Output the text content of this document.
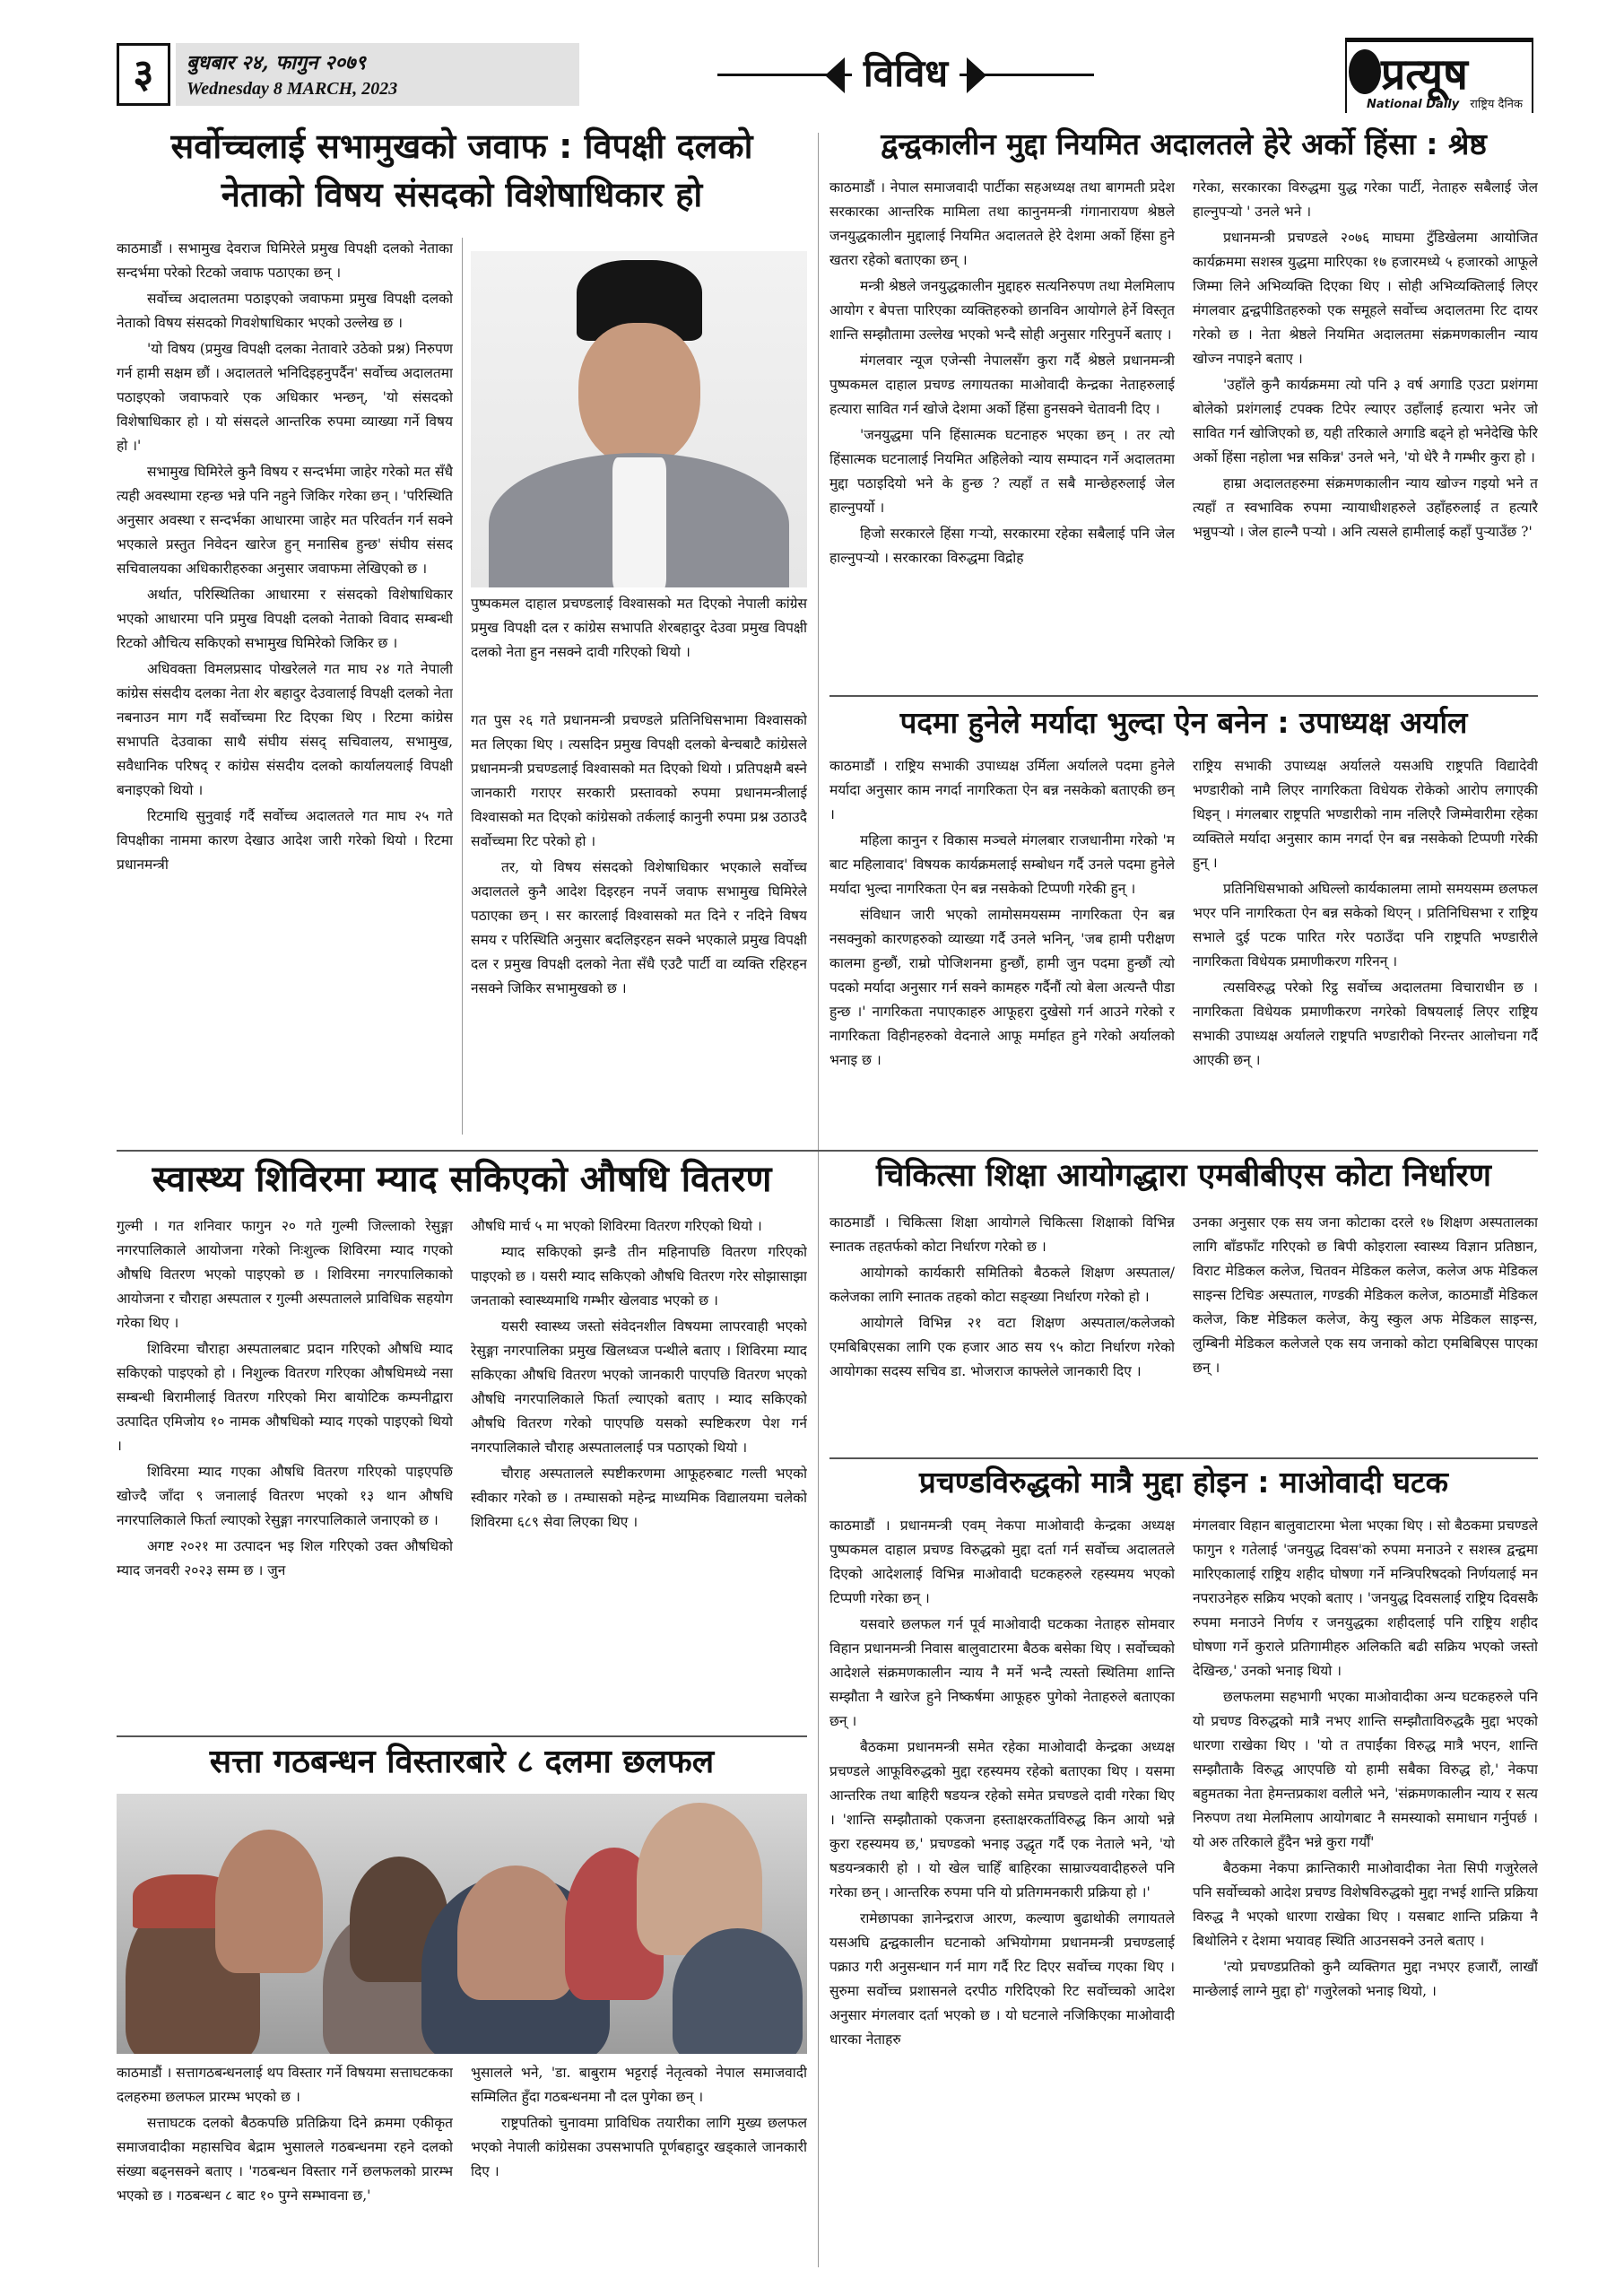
३	बुधबार २४, फागुन २०७९
Wednesday 8 MARCH, 2023	विविध	प्रत्यूष
National Daily राष्ट्रिय दैनिक
सर्वोच्चलाई सभामुखको जवाफ : विपक्षी दलको
नेताको विषय संसदको विशेषाधिकार हो

काठमाडौं । सभामुख देवराज घिमिरेले प्रमुख विपक्षी दलको नेताका सन्दर्भमा परेको रिटको जवाफ पठाएका छन् ।

सर्वोच्च अदालतमा पठाइएको जवाफमा प्रमुख विपक्षी दलको नेताको विषय संसदको गिवशेषाधिकार भएको उल्लेख छ ।

'यो विषय (प्रमुख विपक्षी दलका नेतावारे उठेको प्रश्न) निरुपण गर्न हामी सक्षम छौं । अदालतले भनिदिइहनुपर्दैन' सर्वोच्च अदालतमा पठाइएको जवाफवारे एक अधिकार भन्छन्, 'यो संसदको विशेषाधिकार हो । यो संसदले आन्तरिक रुपमा व्याख्या गर्ने विषय हो ।'

सभामुख घिमिरेले कुनै विषय र सन्दर्भमा जाहेर गरेको मत सँधै त्यही अवस्थामा रहन्छ भन्ने पनि नहुने जिकिर गरेका छन् । 'परिस्थिति अनुसार अवस्था र सन्दर्भका आधारमा जाहेर मत परिवर्तन गर्न सक्ने भएकाले प्रस्तुत निवेदन खारेज हुन् मनासिब हुन्छ' संघीय संसद सचिवालयका अधिकारीहरुका अनुसार जवाफमा लेखिएको छ ।

अर्थात, परिस्थितिका आधारमा र संसदको विशेषाधिकार भएको आधारमा पनि प्रमुख विपक्षी दलको नेताको विवाद सम्बन्धी रिटको औचित्य सकिएको सभामुख घिमिरेको जिकिर छ ।

अधिवक्ता विमलप्रसाद पोखरेलले गत माघ २४ गते नेपाली कांग्रेस संसदीय दलका नेता शेर बहादुर देउवालाई विपक्षी दलको नेता नबनाउन माग गर्दै सर्वोच्चमा रिट दिएका थिए । रिटमा कांग्रेस सभापति देउवाका साथै संघीय संसद् सचिवालय, सभामुख, सवैधानिक परिषद् र कांग्रेस संसदीय दलको कार्यालयलाई विपक्षी बनाइएको थियो ।

रिटमाथि सुनुवाई गर्दै सर्वोच्च अदालतले गत माघ २५ गते विपक्षीका नाममा कारण देखाउ आदेश जारी गरेको थियो । रिटमा प्रधानमन्त्री

पुष्पकमल दाहाल प्रचण्डलाई विश्वासको मत दिएको नेपाली कांग्रेस प्रमुख विपक्षी दल र कांग्रेस सभापति शेरबहादुर देउवा प्रमुख विपक्षी दलको नेता हुन नसक्ने दावी गरिएको थियो ।

गत पुस २६ गते प्रधानमन्त्री प्रचण्डले प्रतिनिधिसभामा विश्वासको मत लिएका थिए । त्यसदिन प्रमुख विपक्षी दलको बेन्चबाटै कांग्रेसले प्रधानमन्त्री प्रचण्डलाई विश्वासको मत दिएको थियो । प्रतिपक्षमै बस्ने जानकारी गराएर सरकारी प्रस्तावको रुपमा प्रधानमन्त्रीलाई विश्वासको मत दिएको कांग्रेसको तर्कलाई कानुनी रुपमा प्रश्न उठाउदै सर्वोच्चमा रिट परेको हो ।

तर, यो विषय संसदको विशेषाधिकार भएकाले सर्वोच्च अदालतले कुनै आदेश दिइरहन नपर्ने जवाफ सभामुख घिमिरेले पठाएका छन् । सर कारलाई विश्वासको मत दिने र नदिने विषय समय र परिस्थिति अनुसार बदलिइरहन सक्ने भएकाले प्रमुख विपक्षी दल र प्रमुख विपक्षी दलको नेता सँधै एउटै पार्टी वा व्यक्ति रहिरहन नसक्ने जिकिर सभामुखको छ ।

द्वन्द्वकालीन मुद्दा नियमित अदालतले हेरे अर्को हिंसा : श्रेष्ठ

काठमाडौं । नेपाल समाजवादी पार्टीका सहअध्यक्ष तथा बागमती प्रदेश सरकारका आन्तरिक मामिला तथा कानुनमन्त्री गंगानारायण श्रेष्ठले जनयुद्धकालीन मुद्दालाई नियमित अदालतले हेरे देशमा अर्को हिंसा हुने खतरा रहेको बताएका छन् ।

मन्त्री श्रेष्ठले जनयुद्धकालीन मुद्दाहरु सत्यनिरुपण तथा मेलमिलाप आयोग र बेपत्ता पारिएका व्यक्तिहरुको छानविन आयोगले हेर्ने विस्तृत शान्ति सम्झौतामा उल्लेख भएको भन्दै सोही अनुसार गरिनुपर्ने बताए ।

मंगलवार न्यूज एजेन्सी नेपालसँग कुरा गर्दै श्रेष्ठले प्रधानमन्त्री पुष्पकमल दाहाल प्रचण्ड लगायतका माओवादी केन्द्रका नेताहरुलाई हत्यारा सावित गर्न खोजे देशमा अर्को हिंसा हुनसक्ने चेतावनी दिए ।

'जनयुद्धमा पनि हिंसात्मक घटनाहरु भएका छन् । तर त्यो हिंसात्मक घटनालाई नियमित अहिलेको न्याय सम्पादन गर्ने अदालतमा मुद्दा पठाइदियो भने के हुन्छ ? त्यहाँ त सबै मान्छेहरुलाई जेल हाल्नुपर्यो ।

हिजो सरकारले हिंसा गर्‍यो, सरकारमा रहेका सबैलाई पनि जेल हाल्नुपर्‍यो । सरकारका विरुद्धमा विद्रोह

गरेका, सरकारका विरुद्धमा युद्ध गरेका पार्टी, नेताहरु सबैलाई जेल हाल्नुपर्‍यो ' उनले भने ।

प्रधानमन्त्री प्रचण्डले २०७६ माघमा टुँडिखेलमा आयोजित कार्यक्रममा सशस्त्र युद्धमा मारिएका १७ हजारमध्ये ५ हजारको आफूले जिम्मा लिने अभिव्यक्ति दिएका थिए । सोही अभिव्यक्तिलाई लिएर मंगलवार द्वन्द्वपीडितहरुको एक समूहले सर्वोच्च अदालतमा रिट दायर गरेको छ । नेता श्रेष्ठले नियमित अदालतमा संक्रमणकालीन न्याय खोज्न नपाइने बताए ।

'उहाँले कुनै कार्यक्रममा त्यो पनि ३ वर्ष अगाडि एउटा प्रशंगमा बोलेको प्रशंगलाई टपक्क टिपेर ल्याएर उहाँलाई हत्यारा भनेर जो सावित गर्न खोजिएको छ, यही तरिकाले अगाडि बढ्ने हो भनेदेखि फेरि अर्को हिंसा नहोला भन्न सकिन्न' उनले भने, 'यो धेरै नै गम्भीर कुरा हो ।

हाम्रा अदालतहरुमा संक्रमणकालीन न्याय खोज्न गइयो भने त त्यहाँ त स्वभाविक रुपमा न्यायाधीशहरुले उहाँहरुलाई त हत्यारै भन्नुपर्‍यो । जेल हाल्नै पर्‍यो । अनि त्यसले हामीलाई कहाँ पुर्‍याउँछ ?'

पदमा हुनेले मर्यादा भुल्दा ऐन बनेन : उपाध्यक्ष अर्याल

काठमाडौं । राष्ट्रिय सभाकी उपाध्यक्ष उर्मिला अर्यालले पदमा हुनेले मर्यादा अनुसार काम नगर्दा नागरिकता ऐन बन्न नसकेको बताएकी छन् ।

महिला कानुन र विकास मञ्चले मंगलबार राजधानीमा गरेको 'म बाट महिलावाद' विषयक कार्यक्रमलाई सम्बोधन गर्दै उनले पदमा हुनेले मर्यादा भुल्दा नागरिकता ऐन बन्न नसकेको टिप्पणी गरेकी हुन् ।

संविधान जारी भएको लामोसमयसम्म नागरिकता ऐन बन्न नसक्नुको कारणहरुको व्याख्या गर्दै उनले भनिन्, 'जब हामी परीक्षण कालमा हुन्छौं, राम्रो पोजिशनमा हुन्छौं, हामी जुन पदमा हुन्छौं त्यो पदको मर्यादा अनुसार गर्न सक्ने कामहरु गर्दैनौं त्यो बेला अत्यन्तै पीडा हुन्छ ।' नागरिकता नपाएकाहरु आफूहरा दुखेसो गर्न आउने गरेको र नागरिकता विहीनहरुको वेदनाले आफू मर्माहत हुने गरेको अर्यालको भनाइ छ ।

राष्ट्रिय सभाकी उपाध्यक्ष अर्यालले यसअघि राष्ट्रपति विद्यादेवी भण्डारीको नामै लिएर नागरिकता विधेयक रोकेको आरोप लगाएकी थिइन् । मंगलबार राष्ट्रपति भण्डारीको नाम नलिएरै जिम्मेवारीमा रहेका व्यक्तिले मर्यादा अनुसार काम नगर्दा ऐन बन्न नसकेको टिप्पणी गरेकी हुन् ।

प्रतिनिधिसभाको अघिल्लो कार्यकालमा लामो समयसम्म छलफल भएर पनि नागरिकता ऐन बन्न सकेको थिएन् । प्रतिनिधिसभा र राष्ट्रिय सभाले दुई पटक पारित गरेर पठाउँदा पनि राष्ट्रपति भण्डारीले नागरिकता विधेयक प्रमाणीकरण गरिनन् ।

त्यसविरुद्ध परेको रिट्ठ सर्वोच्च अदालतमा विचाराधीन छ । नागरिकता विधेयक प्रमाणीकरण नगरेको विषयलाई लिएर राष्ट्रिय सभाकी उपाध्यक्ष अर्यालले राष्ट्रपति भण्डारीको निरन्तर आलोचना गर्दै आएकी छन् ।

स्वास्थ्य शिविरमा म्याद सकिएको औषधि वितरण

गुल्मी । गत शनिवार फागुन २० गते गुल्मी जिल्लाको रेसुङ्गा नगरपालिकाले आयोजना गरेको निःशुल्क शिविरमा म्याद गएको औषधि वितरण भएको पाइएको छ । शिविरमा नगरपालिकाको आयोजना र चौराहा अस्पताल र गुल्मी अस्पतालले प्राविधिक सहयोग गरेका थिए ।

शिविरमा चौराहा अस्पतालबाट प्रदान गरिएको औषधि म्याद सकिएको पाइएको हो । निशुल्क वितरण गरिएका औषधिमध्ये नसा सम्बन्धी बिरामीलाई वितरण गरिएको मिरा बायोटिक कम्पनीद्वारा उत्पादित एमिजोय १० नामक औषधिको म्याद गएको पाइएको थियो ।

शिविरमा म्याद गएका औषधि वितरण गरिएको पाइएपछि खोज्दै जाँदा ९ जनालाई वितरण भएको १३ थान औषधि नगरपालिकाले फिर्ता ल्याएको रेसुङ्गा नगरपालिकाले जनाएको छ ।

अगष्ट २०२१ मा उत्पादन भइ शिल गरिएको उक्त औषधिको म्याद जनवरी २०२३ सम्म छ । जुन

औषधि मार्च ५ मा भएको शिविरमा वितरण गरिएको थियो ।

म्याद सकिएको झन्डै तीन महिनापछि वितरण गरिएको पाइएको छ । यसरी म्याद सकिएको औषधि वितरण गरेर सोझासाझा जनताको स्वास्थ्यमाथि गम्भीर खेलवाड भएको छ ।

यसरी स्वास्थ्य जस्तो संवेदनशील विषयमा लापरवाही भएको रेसुङ्गा नगरपालिका प्रमुख खिलध्वज पन्थीले बताए । शिविरमा म्याद सकिएका औषधि वितरण भएको जानकारी पाएपछि वितरण भएको औषधि नगरपालिकाले फिर्ता ल्याएको बताए । म्याद सकिएको औषधि वितरण गरेको पाएपछि यसको स्पष्टिकरण पेश गर्न नगरपालिकाले चौराह अस्पताललाई पत्र पठाएको थियो ।

चौराह अस्पतालले स्पष्टीकरणमा आफूहरुबाट गल्ती भएको स्वीकार गरेको छ । तम्घासको महेन्द्र माध्यमिक विद्यालयमा चलेको शिविरमा ६८९ सेवा लिएका थिए ।

चिकित्सा शिक्षा आयोगद्धारा एमबीबीएस कोटा निर्धारण

काठमाडौं । चिकित्सा शिक्षा आयोगले चिकित्सा शिक्षाको विभिन्न स्नातक तहतर्फको कोटा निर्धारण गरेको छ ।

आयोगको कार्यकारी समितिको बैठकले शिक्षण अस्पताल/कलेजका लागि स्नातक तहको कोटा सङ्ख्या निर्धारण गरेको हो ।

आयोगले विभिन्न २१ वटा शिक्षण अस्पताल/कलेजको एमबिबिएसका लागि एक हजार आठ सय ९५ कोटा निर्धारण गरेको आयोगका सदस्य सचिव डा. भोजराज काफ्लेले जानकारी दिए ।

उनका अनुसार एक सय जना कोटाका दरले १७ शिक्षण अस्पतालका लागि बाँडफाँट गरिएको छ बिपी कोइराला स्वास्थ्य विज्ञान प्रतिष्ठान, विराट मेडिकल कलेज, चितवन मेडिकल कलेज, कलेज अफ मेडिकल साइन्स टिचिङ अस्पताल, गण्डकी मेडिकल कलेज, काठमाडौं मेडिकल कलेज, किष्ट मेडिकल कलेज, केयु स्कुल अफ मेडिकल साइन्स, लुम्बिनी मेडिकल कलेजले एक सय जनाको कोटा एमबिबिएस पाएका छन् ।

प्रचण्डविरुद्धको मात्रै मुद्दा होइन : माओवादी घटक

काठमाडौं । प्रधानमन्त्री एवम् नेकपा माओवादी केन्द्रका अध्यक्ष पुष्पकमल दाहाल प्रचण्ड विरुद्धको मुद्दा दर्ता गर्न सर्वोच्च अदालतले दिएको आदेशलाई विभिन्न माओवादी घटकहरुले रहस्यमय भएको टिप्पणी गरेका छन् ।

यसवारे छलफल गर्न पूर्व माओवादी घटकका नेताहरु सोमवार विहान प्रधानमन्त्री निवास बालुवाटारमा बैठक बसेका थिए । सर्वोच्चको आदेशले संक्रमणकालीन न्याय नै मर्ने भन्दै त्यस्तो स्थितिमा शान्ति सम्झौता नै खारेज हुने निष्कर्षमा आफूहरु पुगेको नेताहरुले बताएका छन् ।

बैठकमा प्रधानमन्त्री समेत रहेका माओवादी केन्द्रका अध्यक्ष प्रचण्डले आफूविरुद्धको मुद्दा रहस्यमय रहेको बताएका थिए । यसमा आन्तरिक तथा बाहिरी षडयन्त्र रहेको समेत प्रचण्डले दावी गरेका थिए । 'शान्ति सम्झौताको एकजना हस्ताक्षरकर्ताविरुद्ध किन आयो भन्ने कुरा रहस्यमय छ,' प्रचण्डको भनाइ उद्धृत गर्दै एक नेताले भने, 'यो षडयन्त्रकारी हो । यो खेल चाहिँ बाहिरका साम्राज्यवादीहरुले पनि गरेका छन् । आन्तरिक रुपमा पनि यो प्रतिगमनकारी प्रक्रिया हो ।'

रामेछापका ज्ञानेन्द्रराज आरण, कल्याण बुढाथोकी लगायतले यसअघि द्वन्द्वकालीन घटनाको अभियोगमा प्रधानमन्त्री प्रचण्डलाई पक्राउ गरी अनुसन्धान गर्न माग गर्दै रिट दिएर सर्वोच्च गएका थिए । सुरुमा सर्वोच्च प्रशासनले दरपीठ गरिदिएको रिट सर्वोच्चको आदेश अनुसार मंगलवार दर्ता भएको छ । यो घटनाले नजिकिएका माओवादी धारका नेताहरु

मंगलवार विहान बालुवाटारमा भेला भएका थिए । सो बैठकमा प्रचण्डले फागुन १ गतेलाई 'जनयुद्ध दिवस'को रुपमा मनाउने र सशस्त्र द्वन्द्वमा मारिएकालाई राष्ट्रिय शहीद घोषणा गर्ने मन्त्रिपरिषदको निर्णयलाई मन नपराउनेहरु सक्रिय भएको बताए । 'जनयुद्ध दिवसलाई राष्ट्रिय दिवसकै रुपमा मनाउने निर्णय र जनयुद्धका शहीदलाई पनि राष्ट्रिय शहीद घोषणा गर्ने कुराले प्रतिगामीहरु अलिकति बढी सक्रिय भएको जस्तो देखिन्छ,' उनको भनाइ थियो ।

छलफलमा सहभागी भएका माओवादीका अन्य घटकहरुले पनि यो प्रचण्ड विरुद्धको मात्रै नभए शान्ति सम्झौताविरुद्धकै मुद्दा भएको धारणा राखेका थिए । 'यो त तपाईंका विरुद्ध मात्रै भएन, शान्ति सम्झौताकै विरुद्ध आएपछि यो हामी सबैका विरुद्ध हो,' नेकपा बहुमतका नेता हेमन्तप्रकाश वलीले भने, 'संक्रमणकालीन न्याय र सत्य निरुपण तथा मेलमिलाप आयोगबाट नै समस्याको समाधान गर्नुपर्छ । यो अरु तरिकाले हुँदैन भन्ने कुरा गर्यौं'

बैठकमा नेकपा क्रान्तिकारी माओवादीका नेता सिपी गजुरेलले पनि सर्वोच्चको आदेश प्रचण्ड विशेषविरुद्धको मुद्दा नभई शान्ति प्रक्रिया विरुद्ध नै भएको धारणा राखेका थिए । यसबाट शान्ति प्रक्रिया नै बिथोलिने र देशमा भयावह स्थिति आउनसक्ने उनले बताए ।

'त्यो प्रचण्डप्रतिको कुनै व्यक्तिगत मुद्दा नभएर हजारौं, लाखौं मान्छेलाई लाग्ने मुद्दा हो' गजुरेलको भनाइ थियो, ।

सत्ता गठबन्धन विस्तारबारे ८ दलमा छलफल

काठमाडौं । सत्तागठबन्धनलाई थप विस्तार गर्ने विषयमा सत्ताघटकका दलहरुमा छलफल प्रारम्भ भएको छ ।

सत्ताघटक दलको बैठकपछि प्रतिक्रिया दिने क्रममा एकीकृत समाजवादीका महासचिव बेद्राम भुसालले गठबन्धनमा रहने दलको संख्या बढ्नसक्ने बताए । 'गठबन्धन विस्तार गर्ने छलफलको प्रारम्भ भएको छ । गठबन्धन ८ बाट १० पुग्ने सम्भावना छ,'

भुसालले भने, 'डा. बाबुराम भट्टराई नेतृत्वको नेपाल समाजवादी सम्मिलित हुँदा गठबन्धनमा नौ दल पुगेका छन् ।

राष्ट्रपतिको चुनावमा प्राविधिक तयारीका लागि मुख्य छलफल भएको नेपाली कांग्रेसका उपसभापति पूर्णबहादुर खड्काले जानकारी दिए ।
